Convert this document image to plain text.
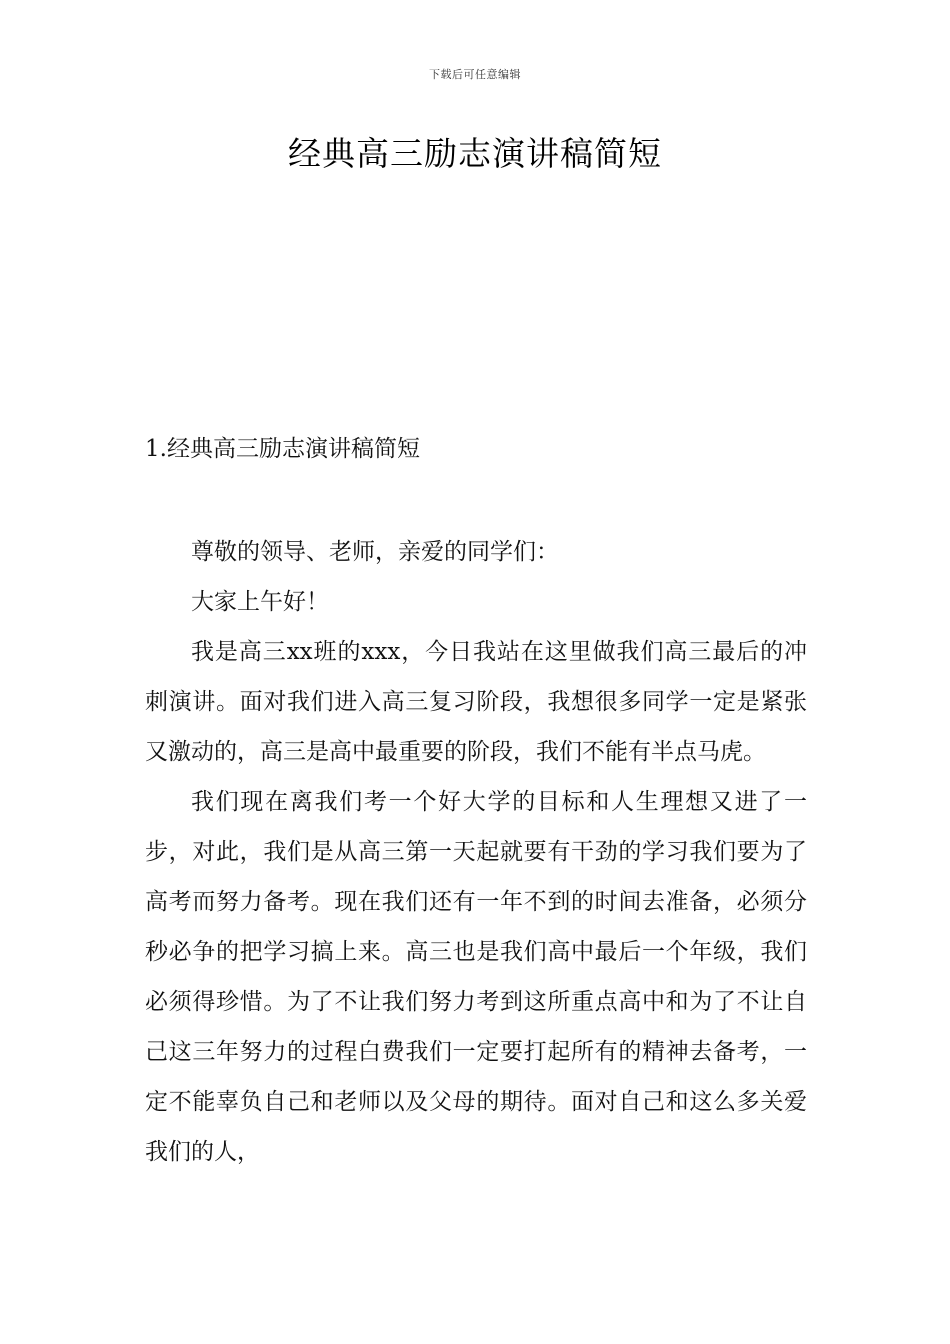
下载后可任意编辑
经典高三励志演讲稿简短
1.经典高三励志演讲稿简短

尊敬的领导、老师，亲爱的同学们：

大家上午好！

我是高三xx班的xxx，今日我站在这里做我们高三最后的冲刺演讲。面对我们进入高三复习阶段，我想很多同学一定是紧张又激动的，高三是高中最重要的阶段，我们不能有半点马虎。

我们现在离我们考一个好大学的目标和人生理想又进了一步，对此，我们是从高三第一天起就要有干劲的学习我们要为了高考而努力备考。现在我们还有一年不到的时间去准备，必须分秒必争的把学习搞上来。高三也是我们高中最后一个年级，我们必须得珍惜。为了不让我们努力考到这所重点高中和为了不让自己这三年努力的过程白费我们一定要打起所有的精神去备考，一定不能辜负自己和老师以及父母的期待。面对自己和这么多关爱我们的人，
